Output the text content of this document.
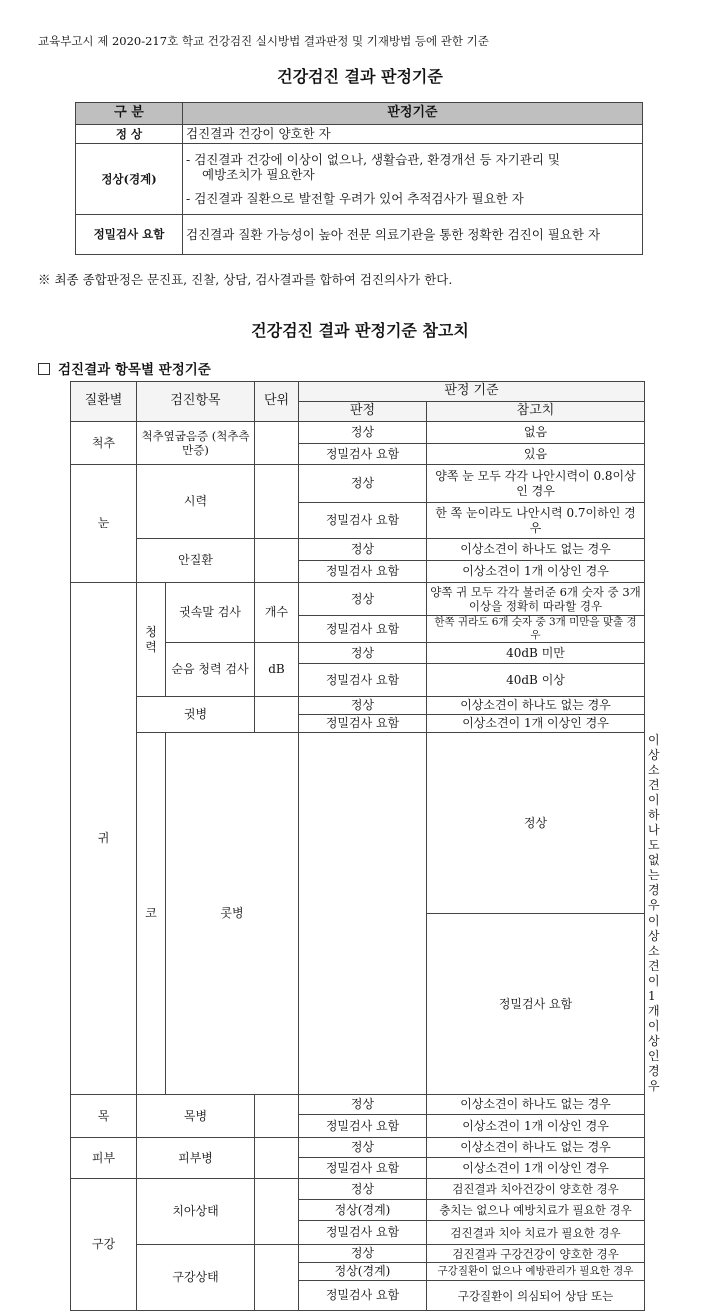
교육부고시 제 2020-217호 학교 건강검진 실시방법 결과판정 및 기재방법 등에 관한 기준
건강검진 결과 판정기준
구 분	판정기준
정 상	검진결과 건강이 양호한 자
정상(경계)	- 검진결과 건강에 이상이 없으나, 생활습관, 환경개선 등 자기관리 및

예방조치가 필요한자
- 검진결과 질환으로 발전할 우려가 있어 추적검사가 필요한 자
정밀검사 요함	검진결과 질환 가능성이 높아 전문 의료기관을 통한 정확한 검진이 필요한 자
※ 최종 종합판정은 문진표, 진찰, 상담, 검사결과를 합하여 검진의사가 한다.
건강검진 결과 판정기준 참고치
검진결과 항목별 판정기준
질환별	검진항목		단위	판정 기준		
				판정	참고치	
척추	척추옆굽음증 (척추측만증)			정상	없음	
				정밀검사 요함	있음	
눈	시력			정상	양쪽 눈 모두 각각 나안시력이 0.8이상인 경우	
				정밀검사 요함	한 쪽 눈이라도 나안시력 0.7이하인 경우	
	안질환			정상	이상소견이 하나도 없는 경우	
				정밀검사 요함	이상소견이 1개 이상인 경우	
귀	청력	귓속말 검사	개수	정상	양쪽 귀 모두 각각 불러준 6개 숫자 중 3개 이상을 정확히 따라할 경우	
				정밀검사 요함	한쪽 귀라도 6개 숫자 중 3개 미만을 맞출 경우	
		순음 청력 검사	dB	정상	40dB 미만	
				정밀검사 요함	40dB 이상	
	귓병			정상	이상소견이 하나도 없는 경우	
				정밀검사 요함	이상소견이 1개 이상인 경우	
	코	콧병			정상	이상소견이 하나도 없는 경우
					정밀검사 요함	이상소견이 1개 이상인 경우
목	목병			정상	이상소견이 하나도 없는 경우	
				정밀검사 요함	이상소견이 1개 이상인 경우	
피부	피부병			정상	이상소견이 하나도 없는 경우	
				정밀검사 요함	이상소견이 1개 이상인 경우	
구강	치아상태			정상	검진결과 치아건강이 양호한 경우	
				정상(경계)	충치는 없으나 예방치료가 필요한 경우	
				정밀검사 요함	검진결과 치아 치료가 필요한 경우	
	구강상태			정상	검진결과 구강건강이 양호한 경우	
				정상(경계)	구강질환이 없으나 예방관리가 필요한 경우	
				정밀검사 요함	구강질환이 의심되어 상담 또는	
